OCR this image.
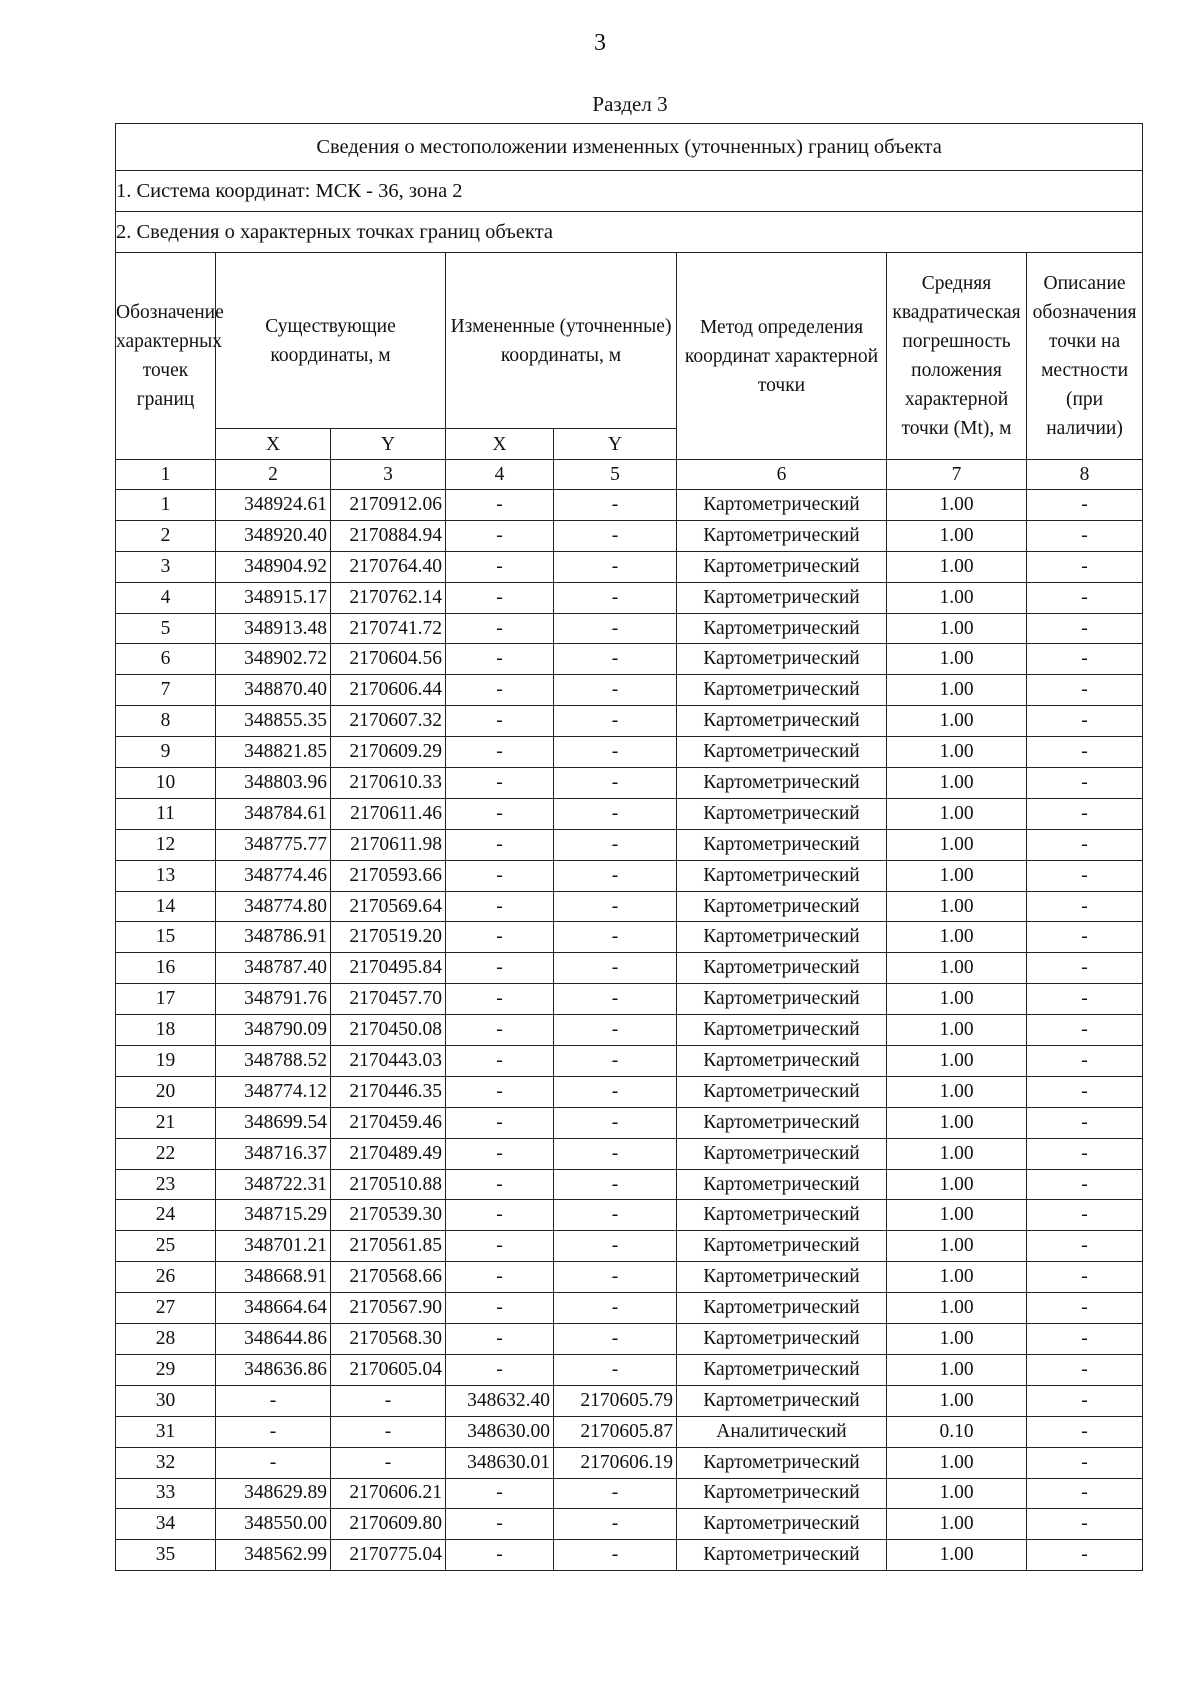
3
Раздел 3
Сведения о местоположении измененных (уточненных) границ объекта							
1. Система координат: МСК - 36, зона 2							
2. Сведения о характерных точках границ объекта							
Обозначение характерных точек границ	Существующие координаты, м		Измененные (уточненные) координаты, м		Метод определения координат характерной точки	Средняя квадратическая погрешность положения характерной точки (Mt), м	Описание обозначения точки на местности (при наличии)
	X	Y	X	Y			
1	2	3	4	5	6	7	8
1	348924.61	2170912.06	-	-	Картометрический	1.00	-
2	348920.40	2170884.94	-	-	Картометрический	1.00	-
3	348904.92	2170764.40	-	-	Картометрический	1.00	-
4	348915.17	2170762.14	-	-	Картометрический	1.00	-
5	348913.48	2170741.72	-	-	Картометрический	1.00	-
6	348902.72	2170604.56	-	-	Картометрический	1.00	-
7	348870.40	2170606.44	-	-	Картометрический	1.00	-
8	348855.35	2170607.32	-	-	Картометрический	1.00	-
9	348821.85	2170609.29	-	-	Картометрический	1.00	-
10	348803.96	2170610.33	-	-	Картометрический	1.00	-
11	348784.61	2170611.46	-	-	Картометрический	1.00	-
12	348775.77	2170611.98	-	-	Картометрический	1.00	-
13	348774.46	2170593.66	-	-	Картометрический	1.00	-
14	348774.80	2170569.64	-	-	Картометрический	1.00	-
15	348786.91	2170519.20	-	-	Картометрический	1.00	-
16	348787.40	2170495.84	-	-	Картометрический	1.00	-
17	348791.76	2170457.70	-	-	Картометрический	1.00	-
18	348790.09	2170450.08	-	-	Картометрический	1.00	-
19	348788.52	2170443.03	-	-	Картометрический	1.00	-
20	348774.12	2170446.35	-	-	Картометрический	1.00	-
21	348699.54	2170459.46	-	-	Картометрический	1.00	-
22	348716.37	2170489.49	-	-	Картометрический	1.00	-
23	348722.31	2170510.88	-	-	Картометрический	1.00	-
24	348715.29	2170539.30	-	-	Картометрический	1.00	-
25	348701.21	2170561.85	-	-	Картометрический	1.00	-
26	348668.91	2170568.66	-	-	Картометрический	1.00	-
27	348664.64	2170567.90	-	-	Картометрический	1.00	-
28	348644.86	2170568.30	-	-	Картометрический	1.00	-
29	348636.86	2170605.04	-	-	Картометрический	1.00	-
30	-	-	348632.40	2170605.79	Картометрический	1.00	-
31	-	-	348630.00	2170605.87	Аналитический	0.10	-
32	-	-	348630.01	2170606.19	Картометрический	1.00	-
33	348629.89	2170606.21	-	-	Картометрический	1.00	-
34	348550.00	2170609.80	-	-	Картометрический	1.00	-
35	348562.99	2170775.04	-	-	Картометрический	1.00	-
